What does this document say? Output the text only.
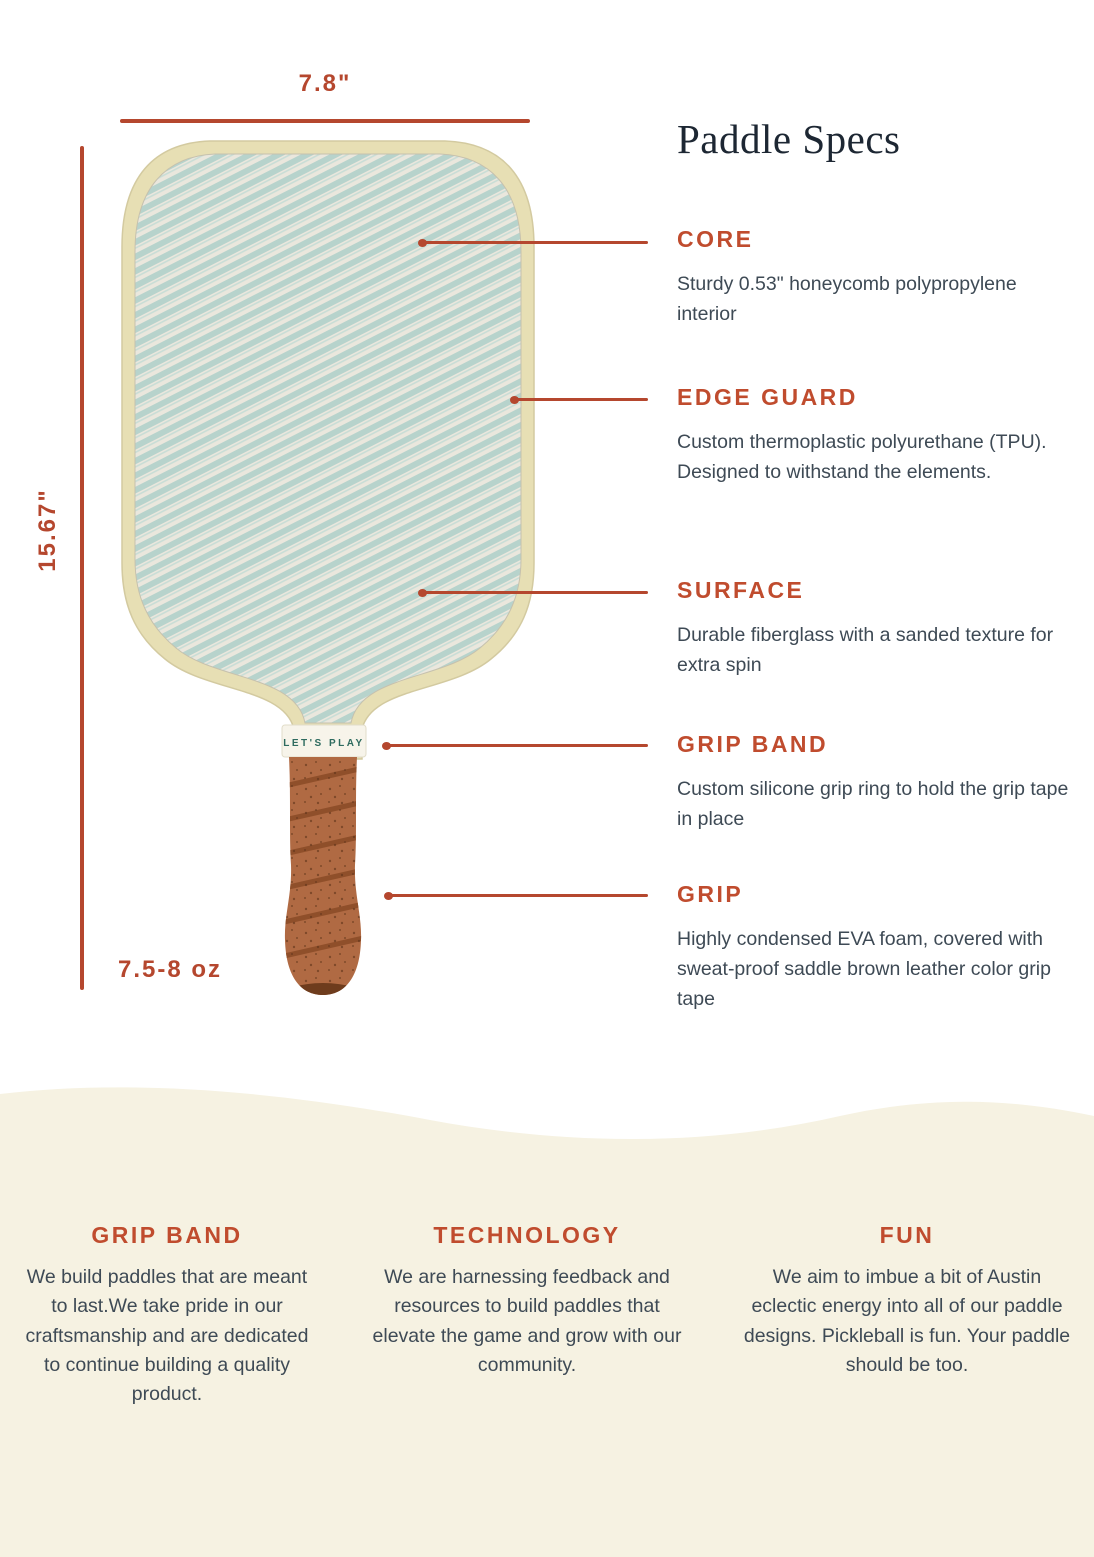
7.8"
15.67"
7.5-8 oz
LET'S PLAY
Paddle Specs
CORE
Sturdy 0.53" honeycomb polypropylene interior
EDGE GUARD
Custom thermoplastic polyurethane (TPU). Designed to withstand the elements.
SURFACE
Durable fiberglass with a sanded texture for extra spin
GRIP BAND
Custom silicone grip ring to hold the grip tape in place
GRIP
Highly condensed EVA foam, covered with sweat-proof saddle brown leather color grip tape
GRIP BAND
We build paddles that are meant to last.We take pride in our craftsmanship and are dedicated to continue building a quality product.
TECHNOLOGY
We are harnessing feedback and resources to build paddles that elevate the game and grow with our community.
FUN
We aim to imbue a bit of Austin eclectic energy into all of our paddle designs. Pickleball is fun. Your paddle should be too.
